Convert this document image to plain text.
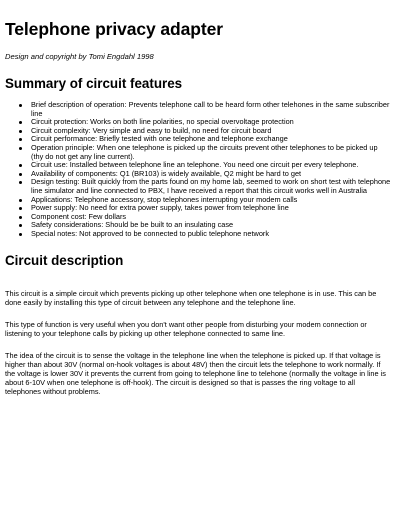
Telephone privacy adapter

Design and copyright by Tomi Engdahl 1998

Summary of circuit features
Brief description of operation: Prevents telephone call to be heard form other telehones in the same subscriber line
Circuit protection: Works on both line polarities, no special overvoltage protection
Circuit complexity: Very simple and easy to build, no need for circuit board
Circuit performance: Briefly tested with one telephone and telephone exchange
Operation principle: When one telephone is picked up the circuits prevent other telephones to be picked up (thy do not get any line current).
Circuit use: Installed between telephone line an telephone. You need one circuit per every telephone.
Availability of components: Q1 (BR103) is widely available, Q2 might be hard to get
Design testing: Built quickly from the parts found on my home lab, seemed to work on short test with telephone line simulator and line connected to PBX, I have received a report that this circuit works well in Australia
Applications: Telephone accessory, stop telephones interrupting your modem calls
Power supply: No need for extra power supply, takes power from telephone line
Component cost: Few dollars
Safety considerations: Should be be built to an insulating case
Special notes: Not approved to be connected to public telephone network
Circuit description

This circuit is a simple circuit which prevents picking up other telephone when one telephone is in use. This can be done easily by installing this type of circuit between any telephone and the telephone line.

This type of function is very useful when you don't want other people from disturbing your modem connection or listening to your telephone calls by picking up other telephone connected to same line.

The idea of the circuit is to sense the voltage in the telephone line when the telephone is picked up. If that voltage is higher than about 30V (normal on-hook voltages is about 48V) then the circuit lets the telephone to work normally. If the voltage is lower 30V it prevents the current from going to telephone line to telehone (normally the voltage in line is about 6-10V when one telephone is off-hook). The circuit is designed so that is passes the ring voltage to all telephones without problems.
